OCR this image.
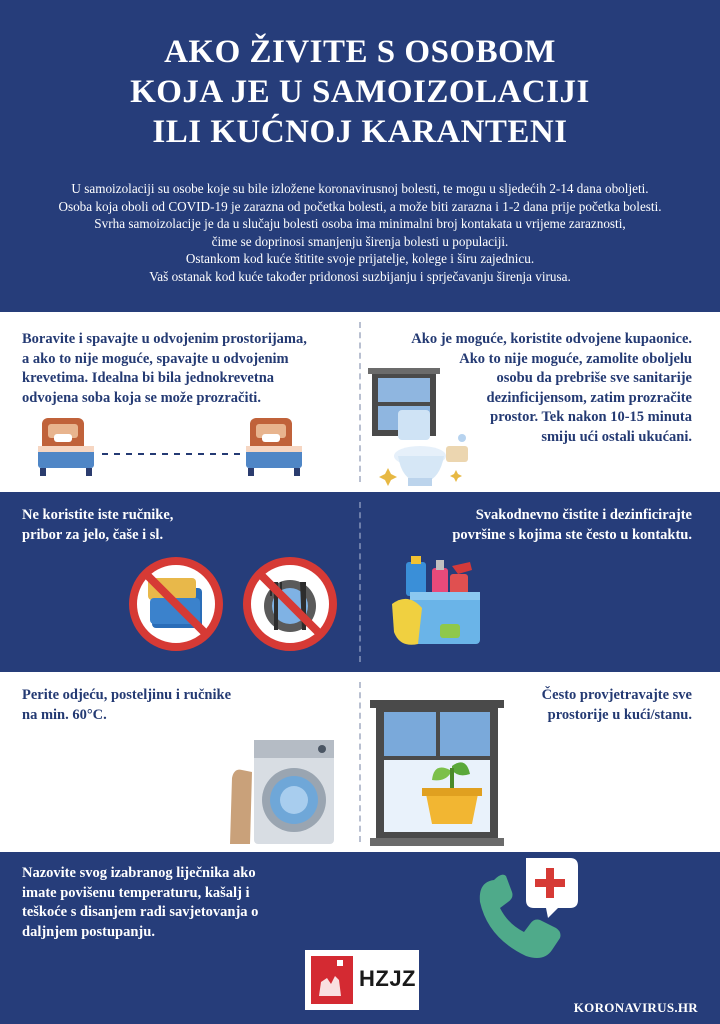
AKO ŽIVITE S OSOBOM
KOJA JE U SAMOIZOLACIJI
ILI KUĆNOJ KARANTENI
U samoizolaciji su osobe koje su bile izložene koronavirusnoj bolesti, te mogu u sljedećih 2-14 dana oboljeti.
Osoba koja oboli od COVID-19 je zarazna od početka bolesti, a može biti zarazna i 1-2 dana prije početka bolesti.
Svrha samoizolacije je da u slučaju bolesti osoba ima minimalni broj kontakata u vrijeme zaraznosti,
čime se doprinosi smanjenju širenja bolesti u populaciji.
Ostankom kod kuće štitite svoje prijatelje, kolege i širu zajednicu.
Vaš ostanak kod kuće također pridonosi suzbijanju i sprječavanju širenja virusa.
Boravite i spavajte u odvojenim prostorijama,
a ako to nije moguće, spavajte u odvojenim
krevetima. Idealna bi bila jednokrevetna
odvojena soba koja se može prozračiti.
Ako je moguće, koristite odvojene kupaonice.
Ako to nije moguće, zamolite oboljelu
osobu da prebriše sve sanitarije
dezinficijensom, zatim prozračite
prostor. Tek nakon 10-15 minuta
smiju ući ostali ukućani.
Ne koristite iste ručnike,
pribor za jelo, čaše i sl.
Svakodnevno čistite i dezinficirajte
površine s kojima ste često u kontaktu.
Perite odjeću, posteljinu i ručnike
na min. 60°C.
Često provjetravajte sve
prostorije u kući/stanu.
Nazovite svog izabranog liječnika ako
imate povišenu temperaturu, kašalj i
teškoće s disanjem radi savjetovanja o
daljnjem postupanju.
HZJZ
KORONAVIRUS.HR
